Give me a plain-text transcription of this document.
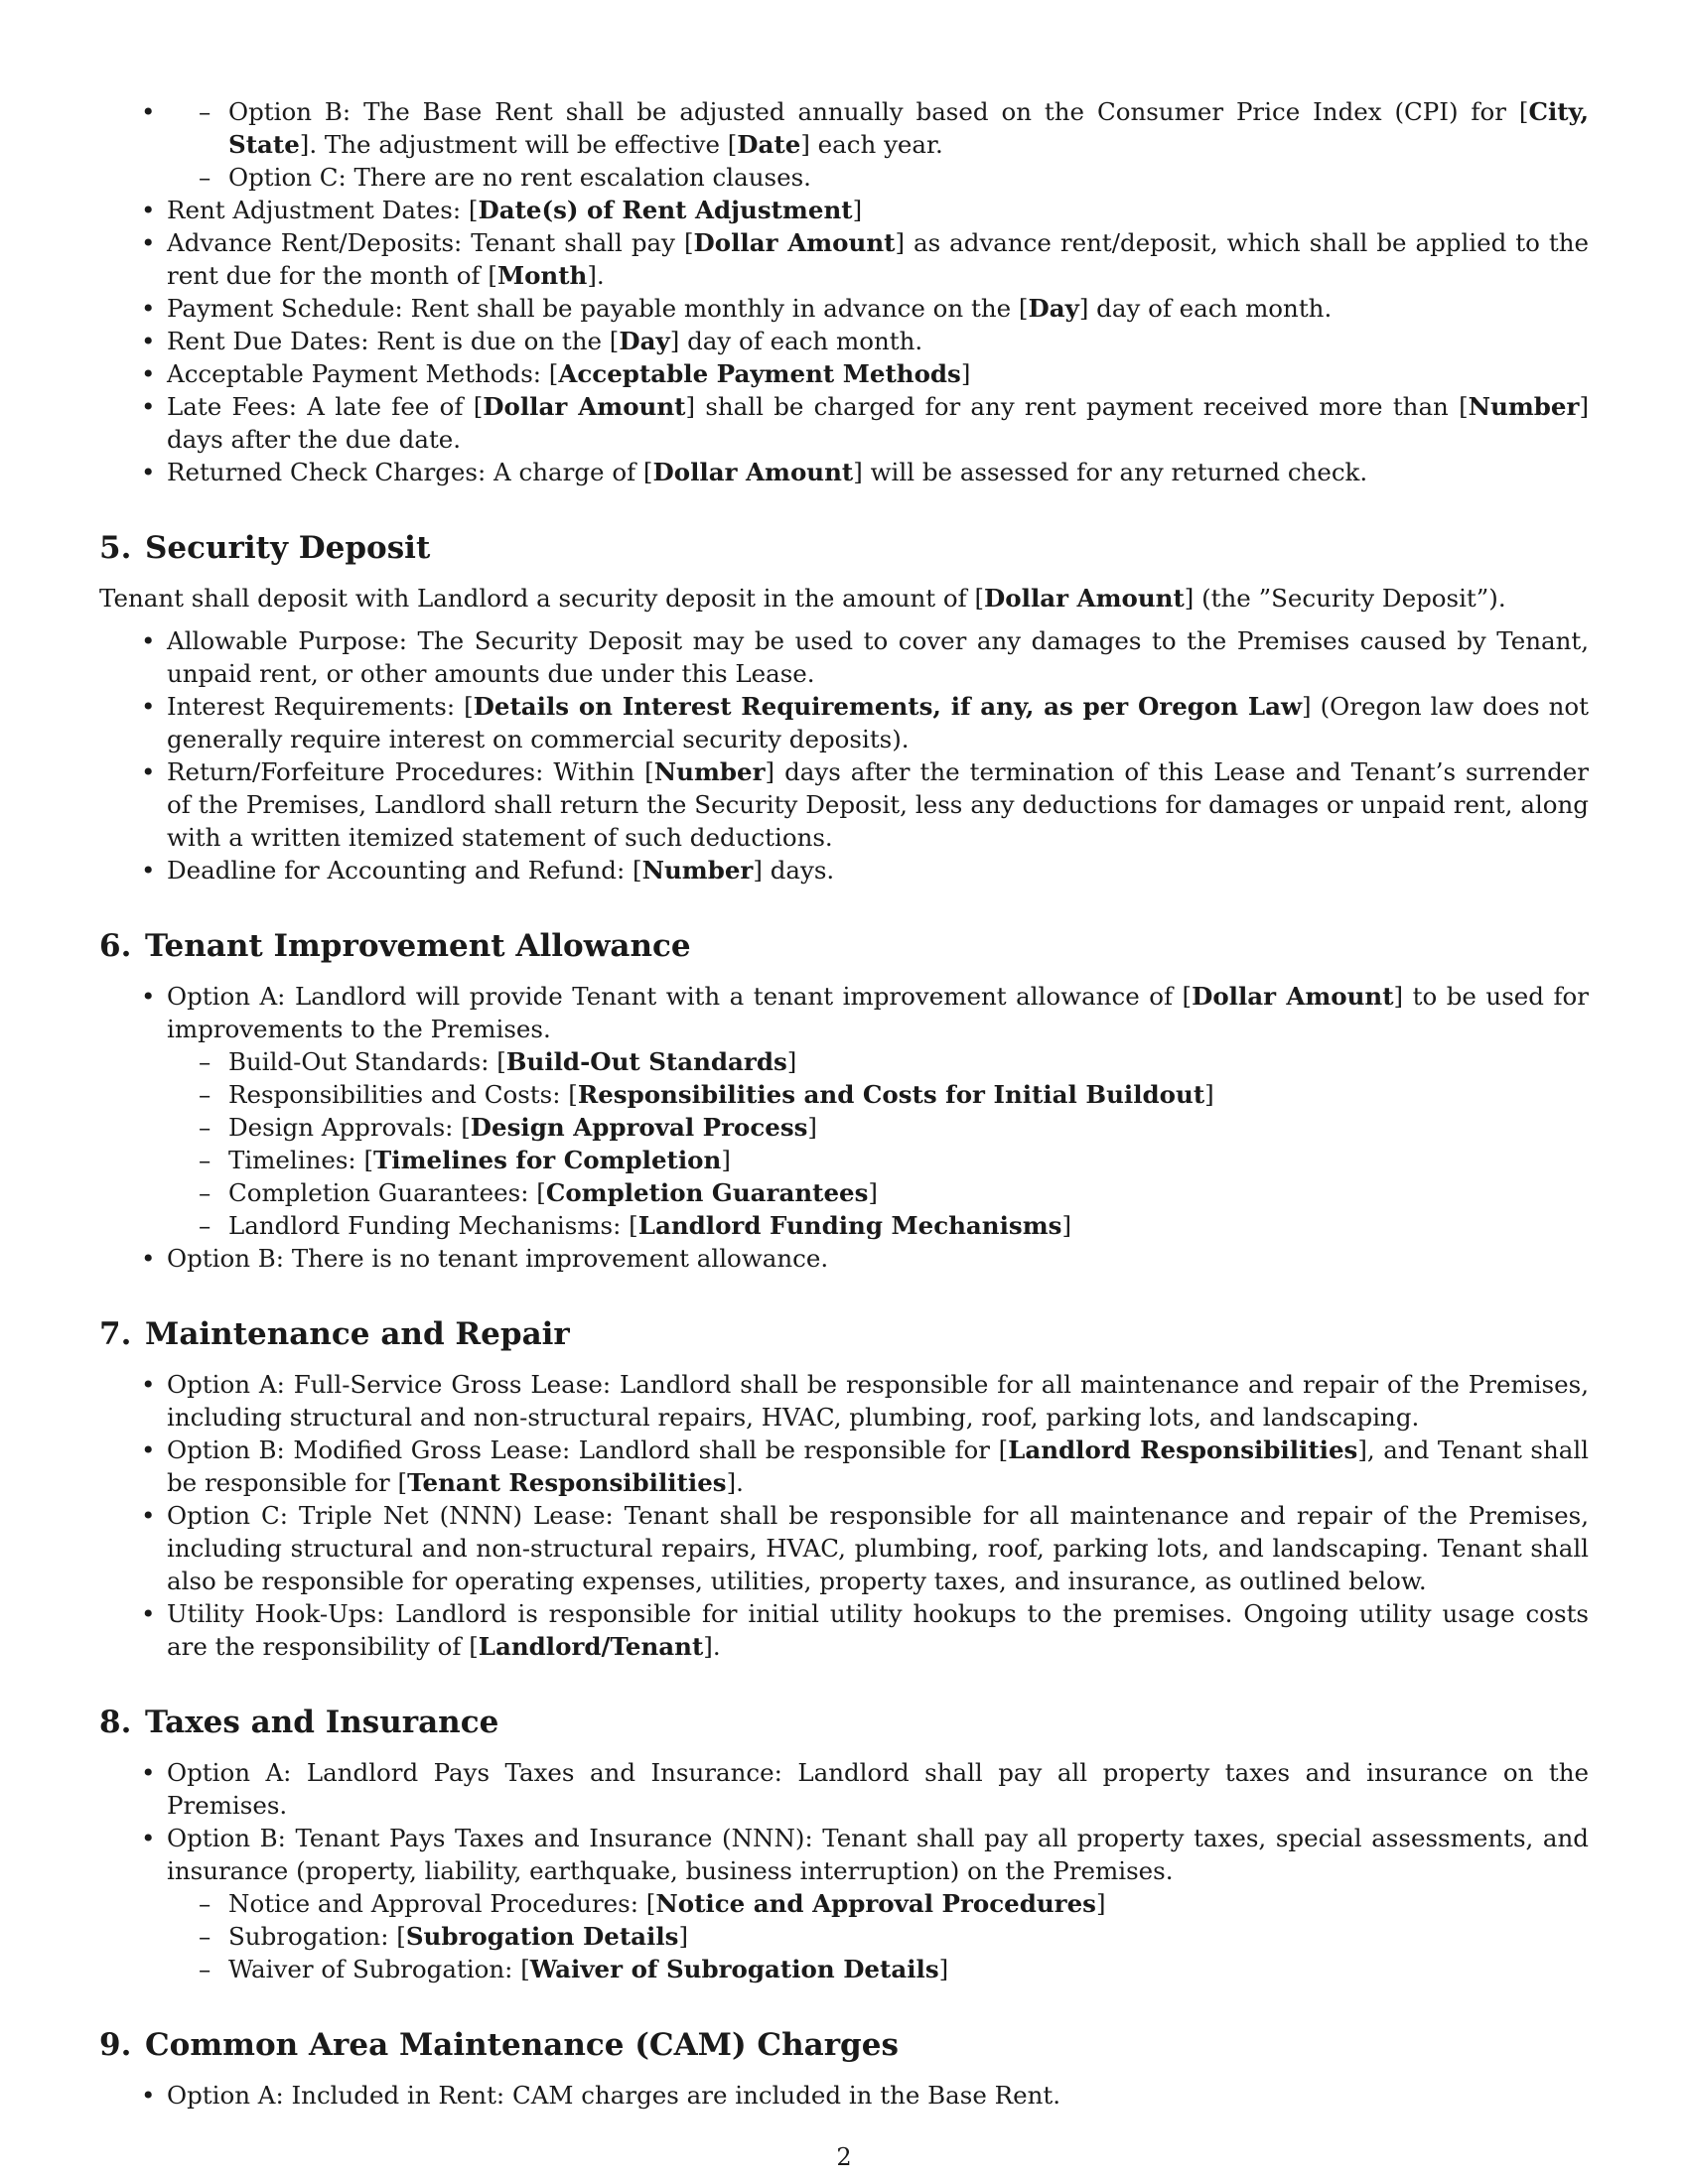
– • Option B: The Base Rent shall be adjusted annually based on the Consumer Price Index (CPI) for [City, State]. The adjustment will be effective [Date] each year.
– Option C: There are no rent escalation clauses.
• Rent Adjustment Dates: [Date(s) of Rent Adjustment]
• Advance Rent/Deposits: Tenant shall pay [Dollar Amount] as advance rent/deposit, which shall be applied to the rent due for the month of [Month].
• Payment Schedule: Rent shall be payable monthly in advance on the [Day] day of each month.
• Rent Due Dates: Rent is due on the [Day] day of each month.
• Acceptable Payment Methods: [Acceptable Payment Methods]
• Late Fees: A late fee of [Dollar Amount] shall be charged for any rent payment received more than [Number] days after the due date.
• Returned Check Charges: A charge of [Dollar Amount] will be assessed for any returned check.
5. Security Deposit

Tenant shall deposit with Landlord a security deposit in the amount of [Dollar Amount] (the ”Security Deposit”).

• Allowable Purpose: The Security Deposit may be used to cover any damages to the Premises caused by Tenant, unpaid rent, or other amounts due under this Lease.
• Interest Requirements: [Details on Interest Requirements, if any, as per Oregon Law] (Oregon law does not generally require interest on commercial security deposits).
• Return/Forfeiture Procedures: Within [Number] days after the termination of this Lease and Tenant’s surrender of the Premises, Landlord shall return the Security Deposit, less any deductions for damages or unpaid rent, along with a written itemized statement of such deductions.
• Deadline for Accounting and Refund: [Number] days.
6. Tenant Improvement Allowance
• Option A: Landlord will provide Tenant with a tenant improvement allowance of [Dollar Amount] to be used for improvements to the Premises.
– Build-Out Standards: [Build-Out Standards]
– Responsibilities and Costs: [Responsibilities and Costs for Initial Buildout]
– Design Approvals: [Design Approval Process]
– Timelines: [Timelines for Completion]
– Completion Guarantees: [Completion Guarantees]
– Landlord Funding Mechanisms: [Landlord Funding Mechanisms]
• Option B: There is no tenant improvement allowance.
7. Maintenance and Repair
• Option A: Full-Service Gross Lease: Landlord shall be responsible for all maintenance and repair of the Premises, including structural and non-structural repairs, HVAC, plumbing, roof, parking lots, and landscaping.
• Option B: Modified Gross Lease: Landlord shall be responsible for [Landlord Responsibilities], and Tenant shall be responsible for [Tenant Responsibilities].
• Option C: Triple Net (NNN) Lease: Tenant shall be responsible for all maintenance and repair of the Premises, including structural and non-structural repairs, HVAC, plumbing, roof, parking lots, and landscaping. Tenant shall also be responsible for operating expenses, utilities, property taxes, and insurance, as outlined below.
• Utility Hook-Ups: Landlord is responsible for initial utility hookups to the premises. Ongoing utility usage costs are the responsibility of [Landlord/Tenant].
8. Taxes and Insurance
• Option A: Landlord Pays Taxes and Insurance: Landlord shall pay all property taxes and insurance on the Premises.
• Option B: Tenant Pays Taxes and Insurance (NNN): Tenant shall pay all property taxes, special assessments, and insurance (property, liability, earthquake, business interruption) on the Premises.
– Notice and Approval Procedures: [Notice and Approval Procedures]
– Subrogation: [Subrogation Details]
– Waiver of Subrogation: [Waiver of Subrogation Details]
9. Common Area Maintenance (CAM) Charges
• Option A: Included in Rent: CAM charges are included in the Base Rent.
2
